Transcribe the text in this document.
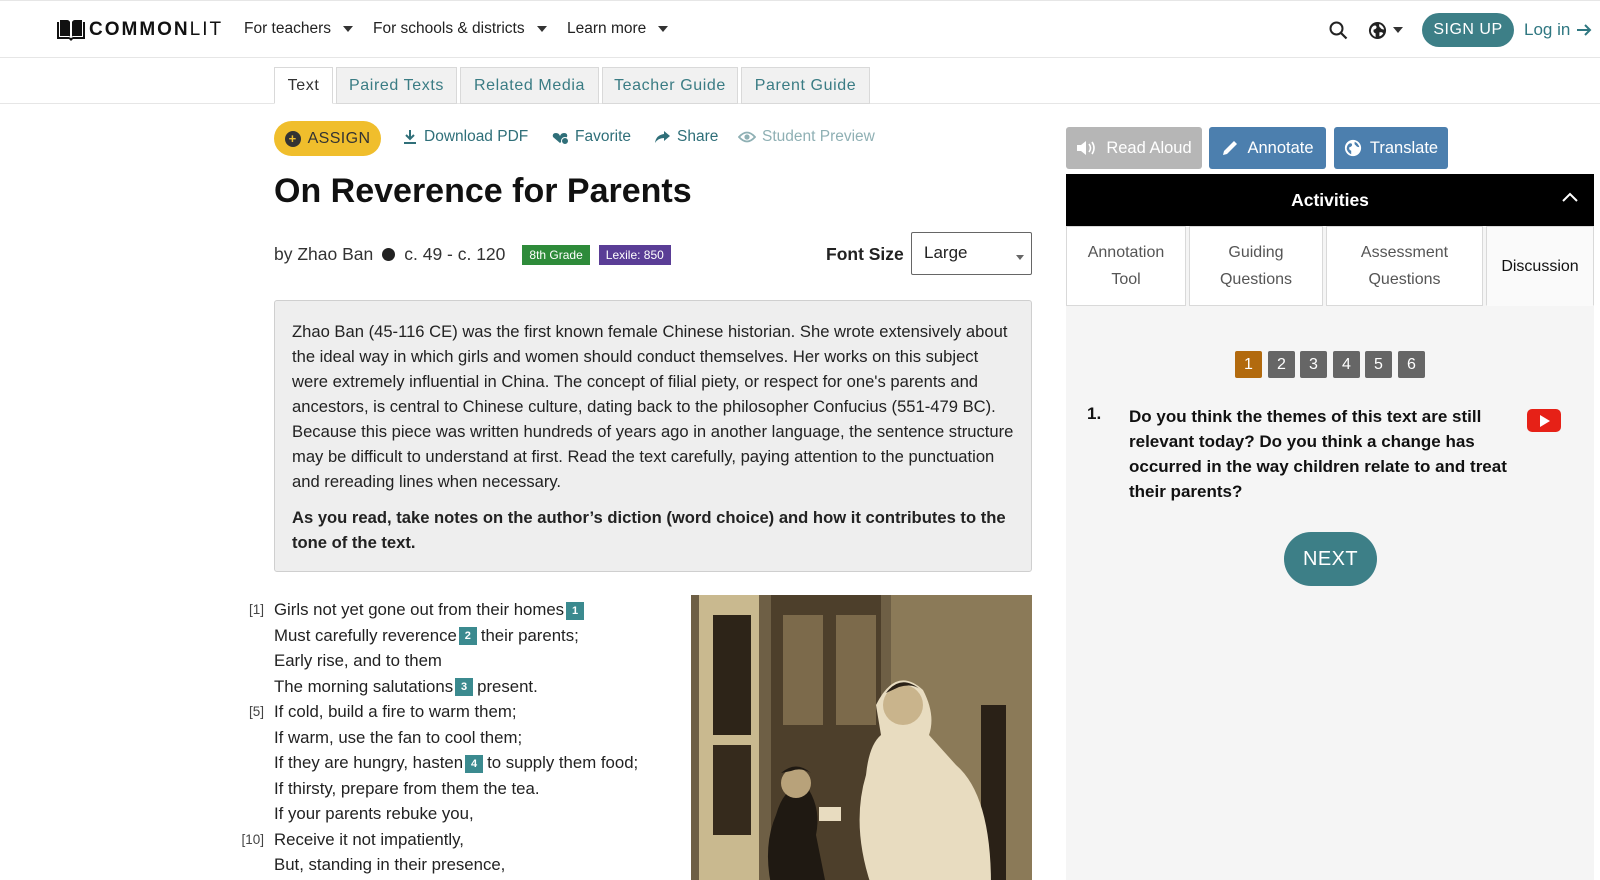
COMMONLIT For teachers	For schools & districts	Learn more	SIGN UP	Log in
Text	Paired Texts	Related Media	Teacher Guide	Parent Guide
+ ASSIGN	Download PDF	Favorite	Share	Student Preview
On Reverence for Parents
by Zhao Ban c. 49 - c. 120	8th Grade	Lexile: 850	Font Size	Large

Zhao Ban (45-116 CE) was the first known female Chinese historian. She wrote extensively about the ideal way in which girls and women should conduct themselves. Her works on this subject were extremely influential in China. The concept of filial piety, or respect for one's parents and ancestors, is central to Chinese culture, dating back to the philosopher Confucius (551-479 BC). Because this piece was written hundreds of years ago in another language, the sentence structure may be difficult to understand at first. Read the text carefully, paying attention to the punctuation and rereading lines when necessary.

As you read, take notes on the author’s diction (word choice) and how it contributes to the tone of the text.

[1] Girls not yet gone out from their homes 1
Must carefully reverence 2 their parents;
Early rise, and to them
The morning salutations 3 present.
[5] If cold, build a fire to warm them;
If warm, use the fan to cool them;
If they are hungry, hasten 4 to supply them food;
If thirsty, prepare from them the tea.
If your parents rebuke you,
[10] Receive it not impatiently,
But, standing in their presence,
Read Aloud	Annotate	Translate
Activities
Annotation
Tool
Guiding
Questions
Assessment
Questions
Discussion
1	2	3	4	5	6
1. Do you think the themes of this text are still relevant today? Do you think a change has occurred in the way children relate to and treat their parents?
NEXT
